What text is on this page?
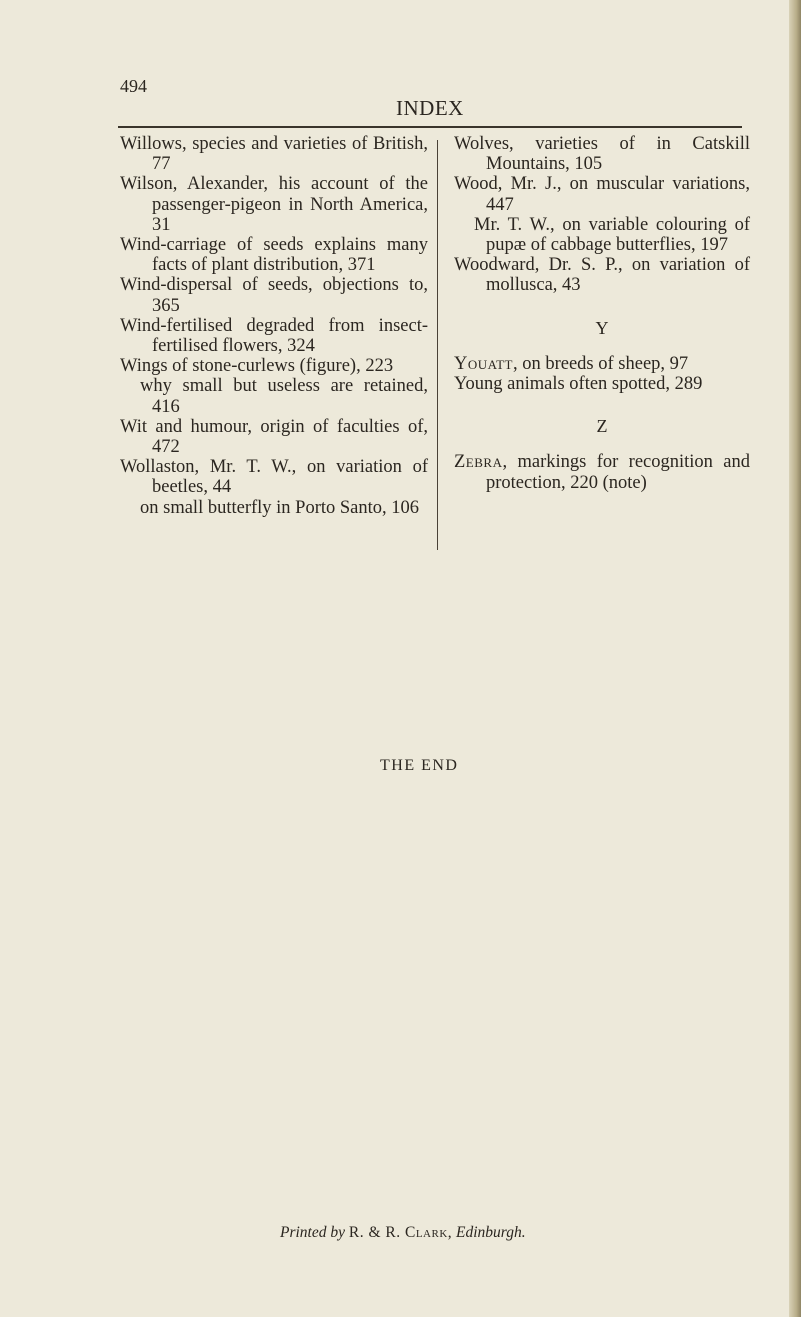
494
INDEX

Willows, species and varieties of British, 77

Wilson, Alexander, his account of the passenger-pigeon in North America, 31

Wind-carriage of seeds explains many facts of plant distribution, 371

Wind-dispersal of seeds, objections to, 365

Wind-fertilised degraded from insect-fertilised flowers, 324

Wings of stone-curlews (figure), 223

why small but useless are retained, 416

Wit and humour, origin of faculties of, 472

Wollaston, Mr. T. W., on variation of beetles, 44

on small butterfly in Porto Santo, 106

Wolves, varieties of in Catskill Mountains, 105

Wood, Mr. J., on muscular variations, 447

Mr. T. W., on variable colouring of pupæ of cabbage butterflies, 197

Woodward, Dr. S. P., on variation of mollusca, 43

Y

Youatt, on breeds of sheep, 97

Young animals often spotted, 289

Z

Zebra, markings for recognition and protection, 220 (note)

THE END
Printed by R. & R. Clark, Edinburgh.
